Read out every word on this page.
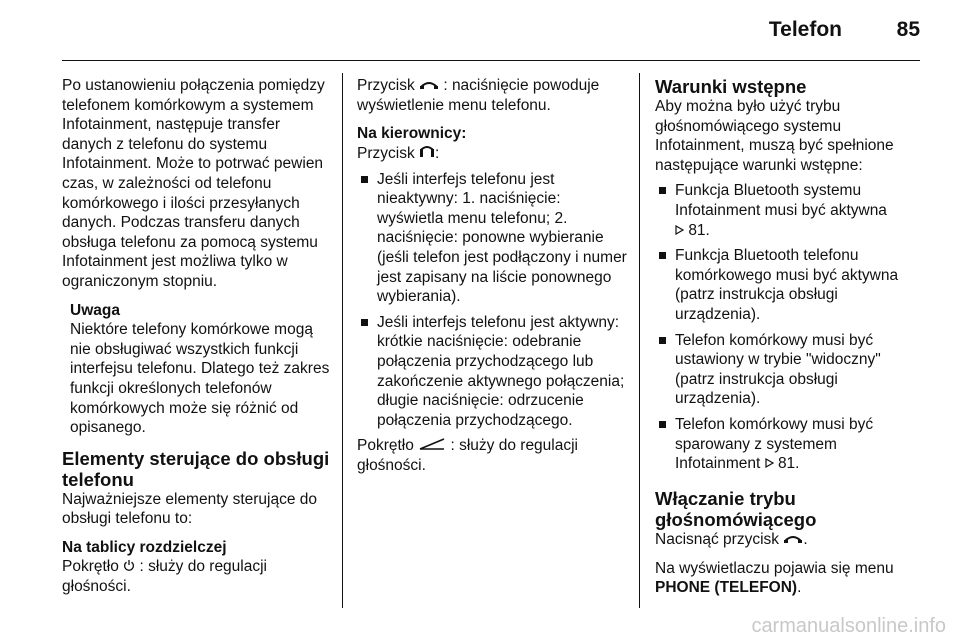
Telefon	85

Po ustanowieniu połączenia pomiędzy telefonem komórkowym a systemem Infotainment, następuje transfer danych z telefonu do systemu Infotainment. Może to potrwać pewien czas, w zależności od telefonu komórkowego i ilości przesyłanych danych. Podczas transferu danych obsługa telefonu za pomocą systemu Infotainment jest możliwa tylko w ograniczonym stopniu.

Uwaga
Niektóre telefony komórkowe mogą nie obsługiwać wszystkich funkcji interfejsu telefonu. Dlatego też zakres funkcji określonych telefonów komórkowych może się różnić od opisanego.
Elementy sterujące do obsługi telefonu

Najważniejsze elementy sterujące do obsługi telefonu to:

Na tablicy rozdzielczej

Pokrętło : służy do regulacji głośności.

Przycisk : naciśnięcie powoduje wyświetlenie menu telefonu.

Na kierownicy:

Przycisk :

Jeśli interfejs telefonu jest nieaktywny: 1. naciśnięcie: wyświetla menu telefonu; 2. naciśnięcie: ponowne wybieranie (jeśli telefon jest podłączony i numer jest zapisany na liście ponownego wybierania).
Jeśli interfejs telefonu jest aktywny: krótkie naciśnięcie: odebranie połączenia przychodzącego lub zakończenie aktywnego połączenia; długie naciśnięcie: odrzucenie połączenia przychodzącego.

Pokrętło : służy do regulacji głośności.

Warunki wstępne

Aby można było użyć trybu głośnomówiącego systemu Infotainment, muszą być spełnione następujące warunki wstępne:

Funkcja Bluetooth systemu Infotainment musi być aktywna
81.
Funkcja Bluetooth telefonu komórkowego musi być aktywna (patrz instrukcja obsługi urządzenia).
Telefon komórkowy musi być ustawiony w trybie "widoczny" (patrz instrukcja obsługi urządzenia).
Telefon komórkowy musi być sparowany z systemem Infotainment 81.
Włączanie trybu głośnomówiącego

Nacisnąć przycisk .

Na wyświetlaczu pojawia się menu PHONE (TELEFON).

carmanualsonline.info
